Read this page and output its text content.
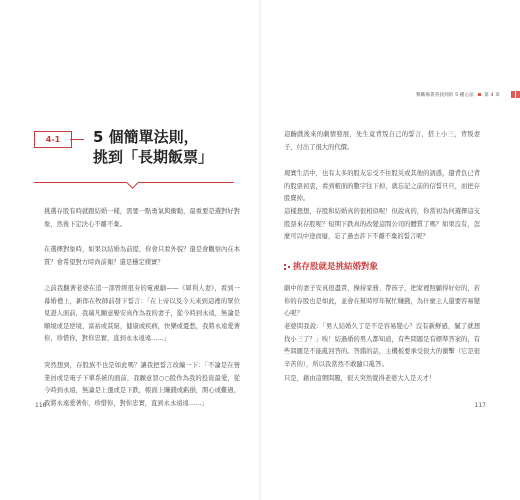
4-1	5 個簡單法則，
挑到「長期飯票」
挑選存股有時就跟結婚一樣，需要一點勇氣與衝動，最重要是選對好對象，然後下定決心不離不棄。
在選擇對象時，如果以結婚為前提，你會只看外貌？還是會觀察內在本質？會希望對方時尚前衛？還是穩定樸實？
之前我翻著老婆在追一部曾經很夯的電視劇——《犀利人妻》，看到一幕婚禮上，新郎在牧師前發下誓言：「在上帝以及今天來到這裡的眾位見證人面前，我瑞凡願意娶安真作為我的妻子，從今時到永遠，無論是順境或是逆境，富裕或貧窮，健康或疾病，快樂或憂愁，我將永遠愛著你，珍惜你，對你忠實，直到永永遠遠……」
突然想到，存股族不也是如此嗎？讓我把誓言改編一下：「不論是在營業員或是電子下單系統的面前，我願意買○○股作為我的投資最愛，從今時到永遠，無論是上漲或是下跌，帳面上賺錢或虧損，開心或難過，我將永遠愛著你，珍惜你，對你忠實，直到永永遠遠……」
116
幫職場菁英找到的 5 種心法 第 4 章
這齣戲後來的劇情發展，先生竟背叛自己的誓言，搭上小三，背叛妻子，付出了很大的代價。
現實生活中，也有太多的股友忘受不住股災或其他的誘惑，還背負已背的股票初衷，看到帳面的數字往下掉，就忘記之前的信誓旦旦，而把存股賣掉。
這樣想想，存股和結婚真的很相似呢！但說真的，你當初為何選擇這支股票來存股呢？短期下跌真的改變這間公司的體質了嗎？如果沒有，怎麼可以中途而廢，忘了過去許下不離不棄的誓言呢？
挑存股就是挑結婚對象
劇中的妻子安真很盡責，操持家務、帶孩子，把家裡照顧得好好的，若你的存股也是如此，並會在幫時厚年幫忙賺錢，為什麼主人還要容易變心呢？
老婆問我說：「男人結婚久了是不是容易變心？沒有新鮮感，膩了就想找小三了？」唉！結過婚的男人都知道，有些問題是有標準答案的，有些問題是不能亂回答的。答錯的話，主機板要承受很大的衝擊（它是很辛苦的），所以我當然不敢隨口亂答。
只是，藉由這個問題，很天突然覺得老婆大人是天才！
117
